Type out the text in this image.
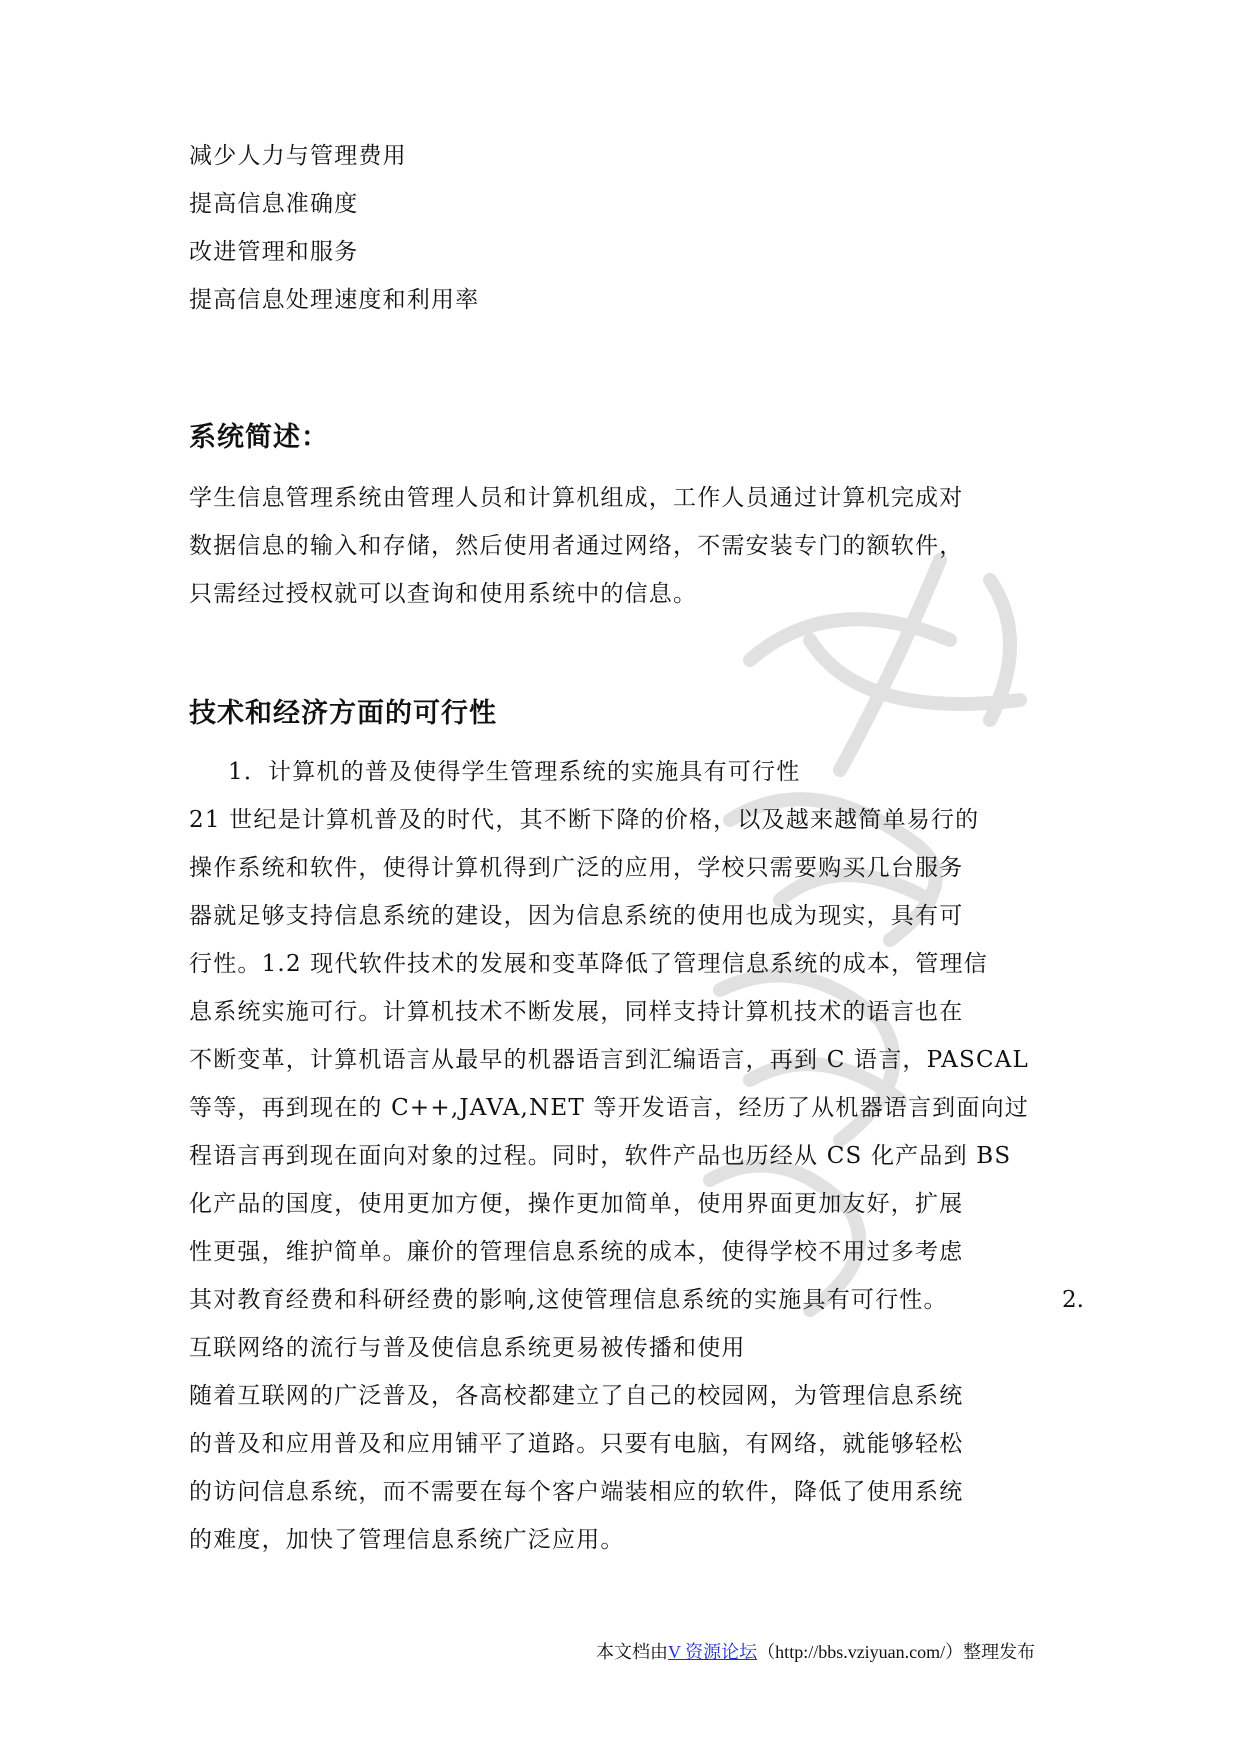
减少人力与管理费用
提高信息准确度
改进管理和服务
提高信息处理速度和利用率
系统简述：
学生信息管理系统由管理人员和计算机组成，工作人员通过计算机完成对
数据信息的输入和存储，然后使用者通过网络，不需安装专门的额软件，
只需经过授权就可以查询和使用系统中的信息。
技术和经济方面的可行性
1．计算机的普及使得学生管理系统的实施具有可行性
21 世纪是计算机普及的时代，其不断下降的价格，以及越来越简单易行的
操作系统和软件，使得计算机得到广泛的应用，学校只需要购买几台服务
器就足够支持信息系统的建设，因为信息系统的使用也成为现实，具有可
行性。1.2 现代软件技术的发展和变革降低了管理信息系统的成本，管理信
息系统实施可行。计算机技术不断发展，同样支持计算机技术的语言也在
不断变革，计算机语言从最早的机器语言到汇编语言，再到 C 语言，PASCAL
等等，再到现在的 C++,JAVA,NET 等开发语言，经历了从机器语言到面向过
程语言再到现在面向对象的过程。同时，软件产品也历经从 CS 化产品到 BS
化产品的国度，使用更加方便，操作更加简单，使用界面更加友好，扩展
性更强，维护简单。廉价的管理信息系统的成本，使得学校不用过多考虑
其对教育经费和科研经费的影响,这使管理信息系统的实施具有可行性。	2.
互联网络的流行与普及使信息系统更易被传播和使用
随着互联网的广泛普及，各高校都建立了自己的校园网，为管理信息系统
的普及和应用普及和应用铺平了道路。只要有电脑，有网络，就能够轻松
的访问信息系统，而不需要在每个客户端装相应的软件，降低了使用系统
的难度，加快了管理信息系统广泛应用。
本文档由V 资源论坛（http://bbs.vziyuan.com/）整理发布
